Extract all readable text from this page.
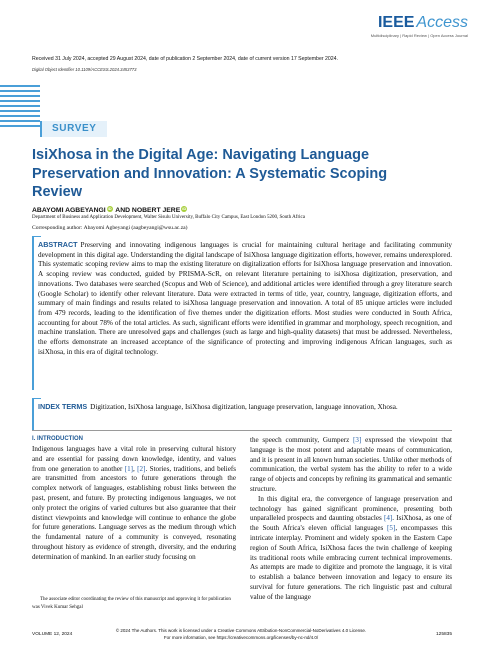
IEEE Access
Multidisciplinary | Rapid Review | Open Access Journal
Received 31 July 2024, accepted 29 August 2024, date of publication 2 September 2024, date of current version 17 September 2024.
Digital Object Identifier 10.1109/ACCESS.2024.3453773
SURVEY
IsiXhosa in the Digital Age: Navigating Language Preservation and Innovation: A Systematic Scoping Review
ABAYOMI AGBEYANGI iD AND NOBERT JERE iD
Department of Business and Application Development, Walter Sisulu University, Buffalo City Campus, East London 5200, South Africa
Corresponding author: Abayomi Agbeyangi (aagbeyangi@wsu.ac.za)
ABSTRACT Preserving and innovating indigenous languages is crucial for maintaining cultural heritage and facilitating community development in this digital age. Understanding the digital landscape of IsiXhosa language digitization efforts, however, remains underexplored. This systematic scoping review aims to map the existing literature on digitalization efforts for IsiXhosa language preservation and innovation. A scoping review was conducted, guided by PRISMA-ScR, on relevant literature pertaining to isiXhosa digitization, preservation, and innovations. Two databases were searched (Scopus and Web of Science), and additional articles were identified through a grey literature search (Google Scholar) to identify other relevant literature. Data were extracted in terms of title, year, country, language, digitization efforts, and summary of main findings and results related to isiXhosa language preservation and innovation. A total of 85 unique articles were included from 479 records, leading to the identification of five themes under the digitization efforts. Most studies were conducted in South Africa, accounting for about 78% of the total articles. As such, significant efforts were identified in grammar and morphology, speech recognition, and machine translation. There are unresolved gaps and challenges (such as large and high-quality datasets) that must be addressed. Nevertheless, the efforts demonstrate an increased acceptance of the significance of protecting and improving indigenous African languages, such as isiXhosa, in this era of digital technology.
INDEX TERMS Digitization, IsiXhosa language, IsiXhosa digitization, language preservation, language innovation, Xhosa.
I. INTRODUCTION

Indigenous languages have a vital role in preserving cultural history and are essential for passing down knowledge, identity, and values from one generation to another [1], [2]. Stories, traditions, and beliefs are transmitted from ancestors to future generations through the complex network of languages, establishing robust links between the past, present, and future. By protecting indigenous languages, we not only protect the origins of varied cultures but also guarantee that their distinct viewpoints and knowledge will continue to enhance the globe for future generations. Language serves as the medium through which the fundamental nature of a community is conveyed, resonating throughout history as evidence of strength, diversity, and the enduring determination of mankind. In an earlier study focusing on

The associate editor coordinating the review of this manuscript and approving it for publication was Vivek Kumar Sehgal

the speech community, Gumperz [3] expressed the viewpoint that language is the most potent and adaptable means of communication, and it is present in all known human societies. Unlike other methods of communication, the verbal system has the ability to refer to a wide range of objects and concepts by refining its grammatical and semantic structure.

In this digital era, the convergence of language preservation and technology has gained significant prominence, presenting both unparalleled prospects and daunting obstacles [4]. IsiXhosa, as one of the South Africa's eleven official languages [5], encompasses this intricate interplay. Prominent and widely spoken in the Eastern Cape region of South Africa, IsiXhosa faces the twin challenge of keeping its traditional roots while embracing current technical improvements. As attempts are made to digitize and promote the language, it is vital to establish a balance between innovation and legacy to ensure its survival for future generations. The rich linguistic past and cultural value of the language

VOLUME 12, 2024
© 2024 The Authors. This work is licensed under a Creative Commons Attribution-NonCommercial-NoDerivatives 4.0 License.
For more information, see https://creativecommons.org/licenses/by-nc-nd/4.0/
125835
